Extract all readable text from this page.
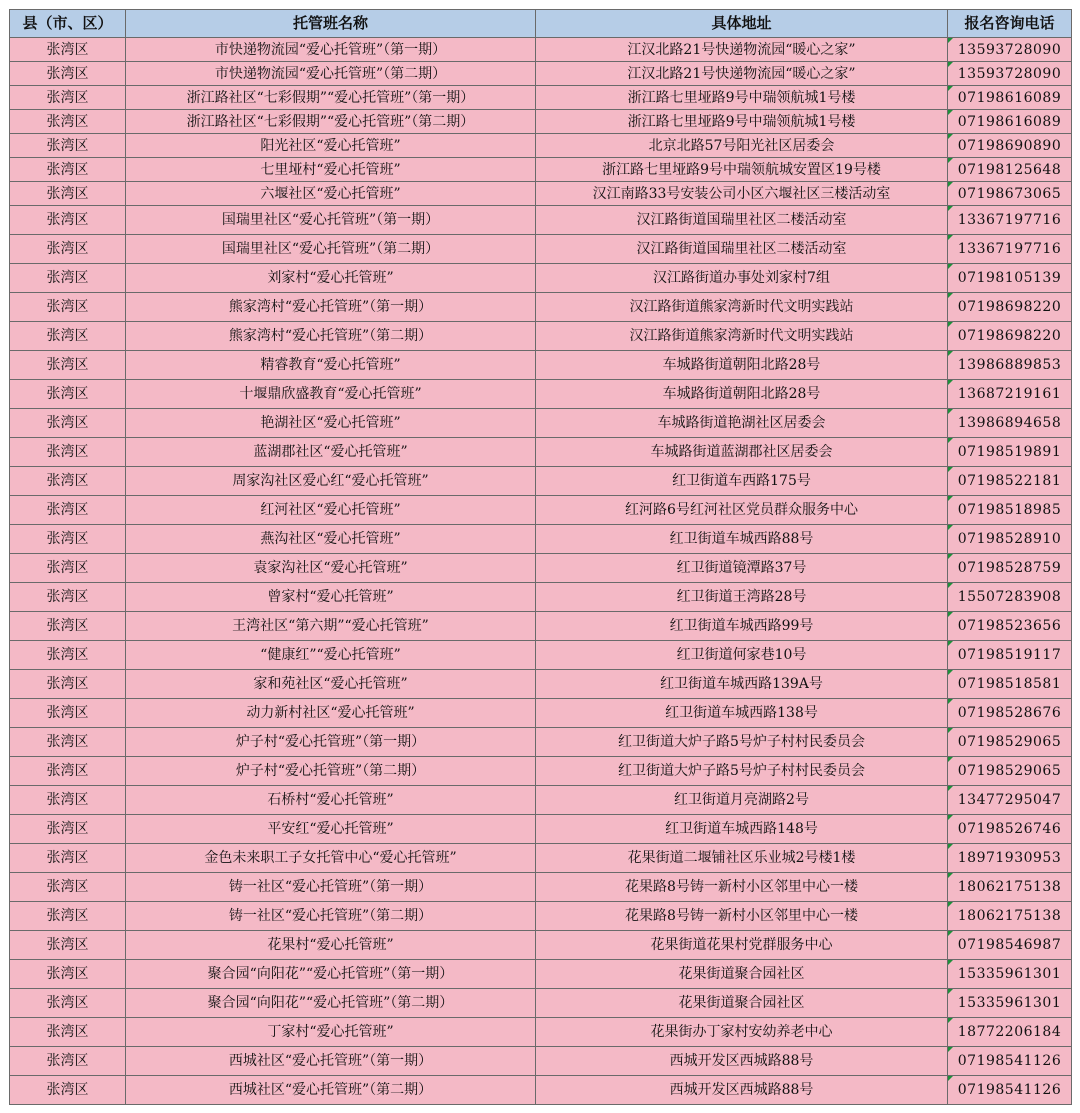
县（市、区）	托管班名称	具体地址	报名咨询电话
张湾区	市快递物流园“爱心托管班”（第一期）	江汉北路21号快递物流园“暖心之家”	13593728090
张湾区	市快递物流园“爱心托管班”（第二期）	江汉北路21号快递物流园“暖心之家”	13593728090
张湾区	浙江路社区“七彩假期”“爱心托管班”（第一期）	浙江路七里垭路9号中瑞领航城1号楼	07198616089
张湾区	浙江路社区“七彩假期”“爱心托管班”（第二期）	浙江路七里垭路9号中瑞领航城1号楼	07198616089
张湾区	阳光社区“爱心托管班”	北京北路57号阳光社区居委会	07198690890
张湾区	七里垭村“爱心托管班”	浙江路七里垭路9号中瑞领航城安置区19号楼	07198125648
张湾区	六堰社区“爱心托管班”	汉江南路33号安装公司小区六堰社区三楼活动室	07198673065
张湾区	国瑞里社区“爱心托管班”（第一期）	汉江路街道国瑞里社区二楼活动室	13367197716
张湾区	国瑞里社区“爱心托管班”（第二期）	汉江路街道国瑞里社区二楼活动室	13367197716
张湾区	刘家村“爱心托管班”	汉江路街道办事处刘家村7组	07198105139
张湾区	熊家湾村“爱心托管班”（第一期）	汉江路街道熊家湾新时代文明实践站	07198698220
张湾区	熊家湾村“爱心托管班”（第二期）	汉江路街道熊家湾新时代文明实践站	07198698220
张湾区	精睿教育“爱心托管班”	车城路街道朝阳北路28号	13986889853
张湾区	十堰鼎欣盛教育“爱心托管班”	车城路街道朝阳北路28号	13687219161
张湾区	艳湖社区“爱心托管班”	车城路街道艳湖社区居委会	13986894658
张湾区	蓝湖郡社区“爱心托管班”	车城路街道蓝湖郡社区居委会	07198519891
张湾区	周家沟社区爱心红“爱心托管班”	红卫街道车西路175号	07198522181
张湾区	红河社区“爱心托管班”	红河路6号红河社区党员群众服务中心	07198518985
张湾区	燕沟社区“爱心托管班”	红卫街道车城西路88号	07198528910
张湾区	袁家沟社区“爱心托管班”	红卫街道镜潭路37号	07198528759
张湾区	曾家村“爱心托管班”	红卫街道王湾路28号	15507283908
张湾区	王湾社区“第六期”“爱心托管班”	红卫街道车城西路99号	07198523656
张湾区	“健康红”“爱心托管班”	红卫街道何家巷10号	07198519117
张湾区	家和苑社区“爱心托管班”	红卫街道车城西路139A号	07198518581
张湾区	动力新村社区“爱心托管班”	红卫街道车城西路138号	07198528676
张湾区	炉子村“爱心托管班”（第一期）	红卫街道大炉子路5号炉子村村民委员会	07198529065
张湾区	炉子村“爱心托管班”（第二期）	红卫街道大炉子路5号炉子村村民委员会	07198529065
张湾区	石桥村“爱心托管班”	红卫街道月亮湖路2号	13477295047
张湾区	平安红“爱心托管班”	红卫街道车城西路148号	07198526746
张湾区	金色未来职工子女托管中心“爱心托管班”	花果街道二堰铺社区乐业城2号楼1楼	18971930953
张湾区	铸一社区“爱心托管班”（第一期）	花果路8号铸一新村小区邻里中心一楼	18062175138
张湾区	铸一社区“爱心托管班”（第二期）	花果路8号铸一新村小区邻里中心一楼	18062175138
张湾区	花果村“爱心托管班”	花果街道花果村党群服务中心	07198546987
张湾区	聚合园“向阳花”“爱心托管班”（第一期）	花果街道聚合园社区	15335961301
张湾区	聚合园“向阳花”“爱心托管班”（第二期）	花果街道聚合园社区	15335961301
张湾区	丁家村“爱心托管班”	花果街办丁家村安幼养老中心	18772206184
张湾区	西城社区“爱心托管班”（第一期）	西城开发区西城路88号	07198541126
张湾区	西城社区“爱心托管班”（第二期）	西城开发区西城路88号	07198541126
